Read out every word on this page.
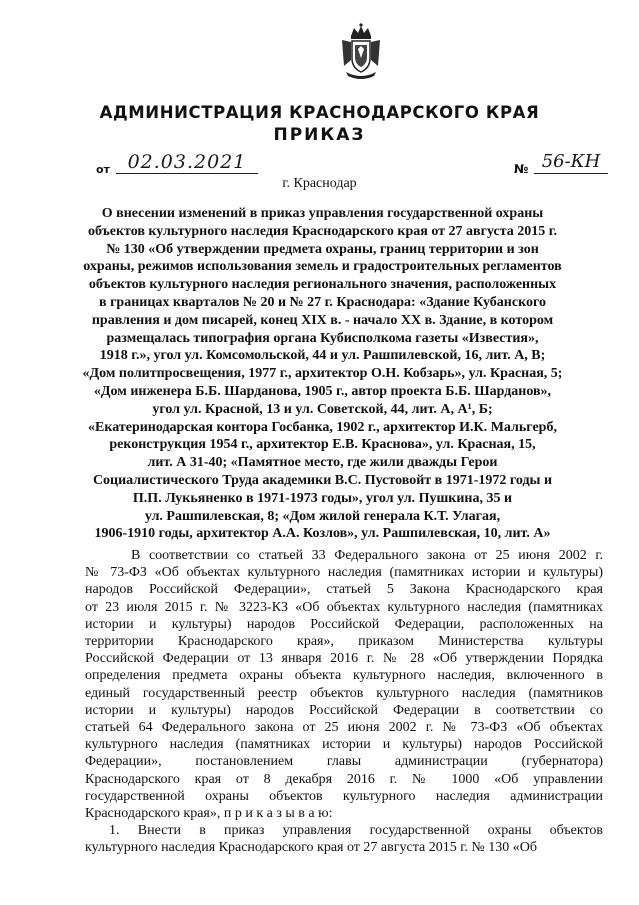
АДМИНИСТРАЦИЯ КРАСНОДАРСКОГО КРАЯ
ПРИКАЗ
от 02.03.2021	№ 56-КН
г. Краснодар
О внесении изменений в приказ управления государственной охраны
объектов культурного наследия Краснодарского края от 27 августа 2015 г.
№ 130 «Об утверждении предмета охраны, границ территории и зон
охраны, режимов использования земель и градостроительных регламентов
объектов культурного наследия регионального значения, расположенных
в границах кварталов № 20 и № 27 г. Краснодара: «Здание Кубанского
правления и дом писарей, конец XIX в. - начало XX в. Здание, в котором
размещалась типография органа Кубисполкома газеты «Известия»,
1918 г.», угол ул. Комсомольской, 44 и ул. Рашпилевской, 16, лит. А, В;
«Дом политпросвещения, 1977 г., архитектор О.Н. Кобзарь», ул. Красная, 5;
«Дом инженера Б.Б. Шарданова, 1905 г., автор проекта Б.Б. Шарданов»,
угол ул. Красной, 13 и ул. Советской, 44, лит. А, А¹, Б;
«Екатеринодарская контора Госбанка, 1902 г., архитектор И.К. Мальгерб,
реконструкция 1954 г., архитектор Е.В. Краснова», ул. Красная, 15,
лит. А 31-40; «Памятное место, где жили дважды Герои
Социалистического Труда академики В.С. Пустовойт в 1971-1972 годы и
П.П. Лукьяненко в 1971-1973 годы», угол ул. Пушкина, 35 и
ул. Рашпилевская, 8; «Дом жилой генерала К.Т. Улагая,
1906-1910 годы, архитектор А.А. Козлов», ул. Рашпилевская, 10, лит. А»
В соответствии со статьей 33 Федерального закона от 25 июня 2002 г.
№ 73-ФЗ «Об объектах культурного наследия (памятниках истории и культуры)
народов Российской Федерации», статьей 5 Закона Краснодарского края
от 23 июля 2015 г. № 3223-КЗ «Об объектах культурного наследия (памятниках
истории и культуры) народов Российской Федерации, расположенных на
территории Краснодарского края», приказом Министерства культуры
Российской Федерации от 13 января 2016 г. № 28 «Об утверждении Порядка
определения предмета охраны объекта культурного наследия, включенного в
единый государственный реестр объектов культурного наследия (памятников
истории и культуры) народов Российской Федерации в соответствии со
статьей 64 Федерального закона от 25 июня 2002 г. № 73-ФЗ «Об объектах
культурного наследия (памятниках истории и культуры) народов Российской
Федерации», постановлением главы администрации (губернатора)
Краснодарского края от 8 декабря 2016 г. № 1000 «Об управлении
государственной охраны объектов культурного наследия администрации
Краснодарского края», п р и к а з ы в а ю:
1. Внести в приказ управления государственной охраны объектов
культурного наследия Краснодарского края от 27 августа 2015 г. № 130 «Об
